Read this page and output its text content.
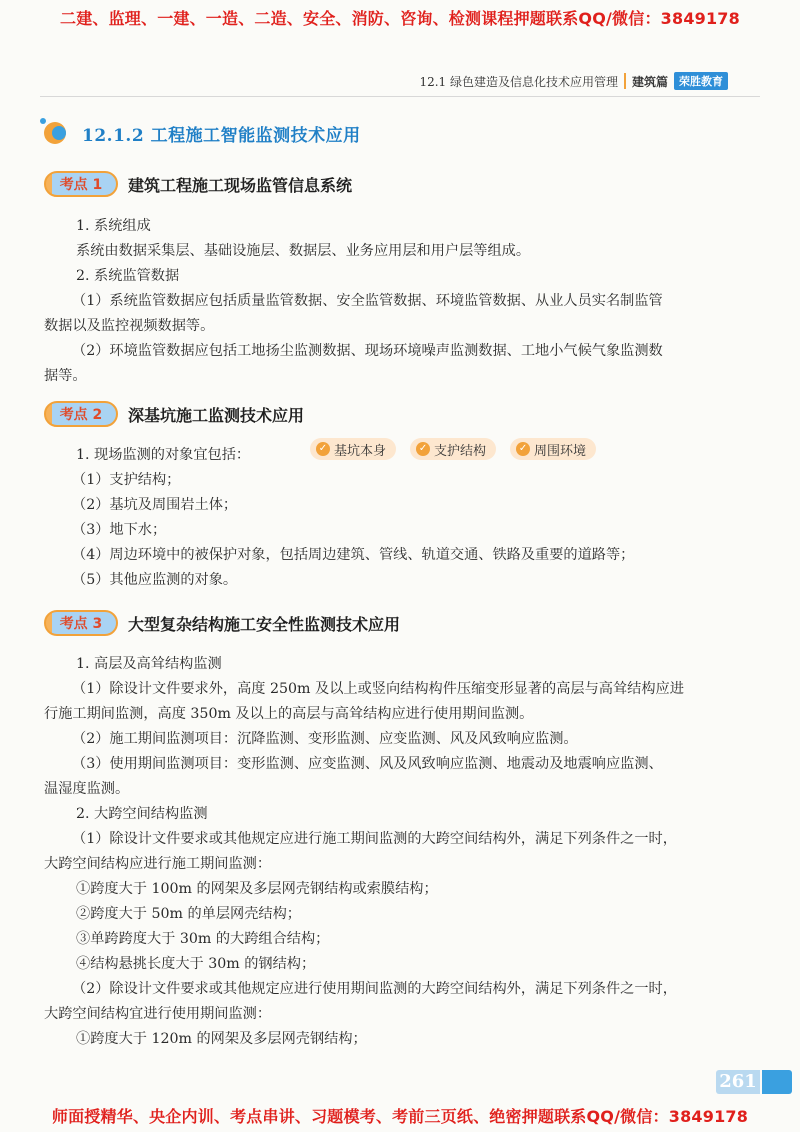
二建、监理、一建、一造、二造、安全、消防、咨询、检测课程押题联系QQ/微信：3849178
12.1 绿色建造及信息化技术应用管理 建筑篇	荣胜教育
12.1.2 工程施工智能监测技术应用
考点 1	建筑工程施工现场监管信息系统
1. 系统组成
系统由数据采集层、基础设施层、数据层、业务应用层和用户层等组成。
2. 系统监管数据
（1）系统监管数据应包括质量监管数据、安全监管数据、环境监管数据、从业人员实名制监管
数据以及监控视频数据等。
（2）环境监管数据应包括工地扬尘监测数据、现场环境噪声监测数据、工地小气候气象监测数
据等。
考点 2	深基坑施工监测技术应用
1. 现场监测的对象宜包括：	✓ 基坑本身	✓ 支护结构	✓ 周围环境
（1）支护结构；
（2）基坑及周围岩土体；
（3）地下水；
（4）周边环境中的被保护对象，包括周边建筑、管线、轨道交通、铁路及重要的道路等；
（5）其他应监测的对象。
考点 3	大型复杂结构施工安全性监测技术应用
1. 高层及高耸结构监测
（1）除设计文件要求外，高度 250m 及以上或竖向结构构件压缩变形显著的高层与高耸结构应进
行施工期间监测，高度 350m 及以上的高层与高耸结构应进行使用期间监测。
（2）施工期间监测项目：沉降监测、变形监测、应变监测、风及风致响应监测。
（3）使用期间监测项目：变形监测、应变监测、风及风致响应监测、地震动及地震响应监测、
温湿度监测。
2. 大跨空间结构监测
（1）除设计文件要求或其他规定应进行施工期间监测的大跨空间结构外，满足下列条件之一时，
大跨空间结构应进行施工期间监测：
①跨度大于 100m 的网架及多层网壳钢结构或索膜结构；
②跨度大于 50m 的单层网壳结构；
③单跨跨度大于 30m 的大跨组合结构；
④结构悬挑长度大于 30m 的钢结构；
（2）除设计文件要求或其他规定应进行使用期间监测的大跨空间结构外，满足下列条件之一时，
大跨空间结构宜进行使用期间监测：
①跨度大于 120m 的网架及多层网壳钢结构；
261
师面授精华、央企内训、考点串讲、习题模考、考前三页纸、绝密押题联系QQ/微信：3849178
